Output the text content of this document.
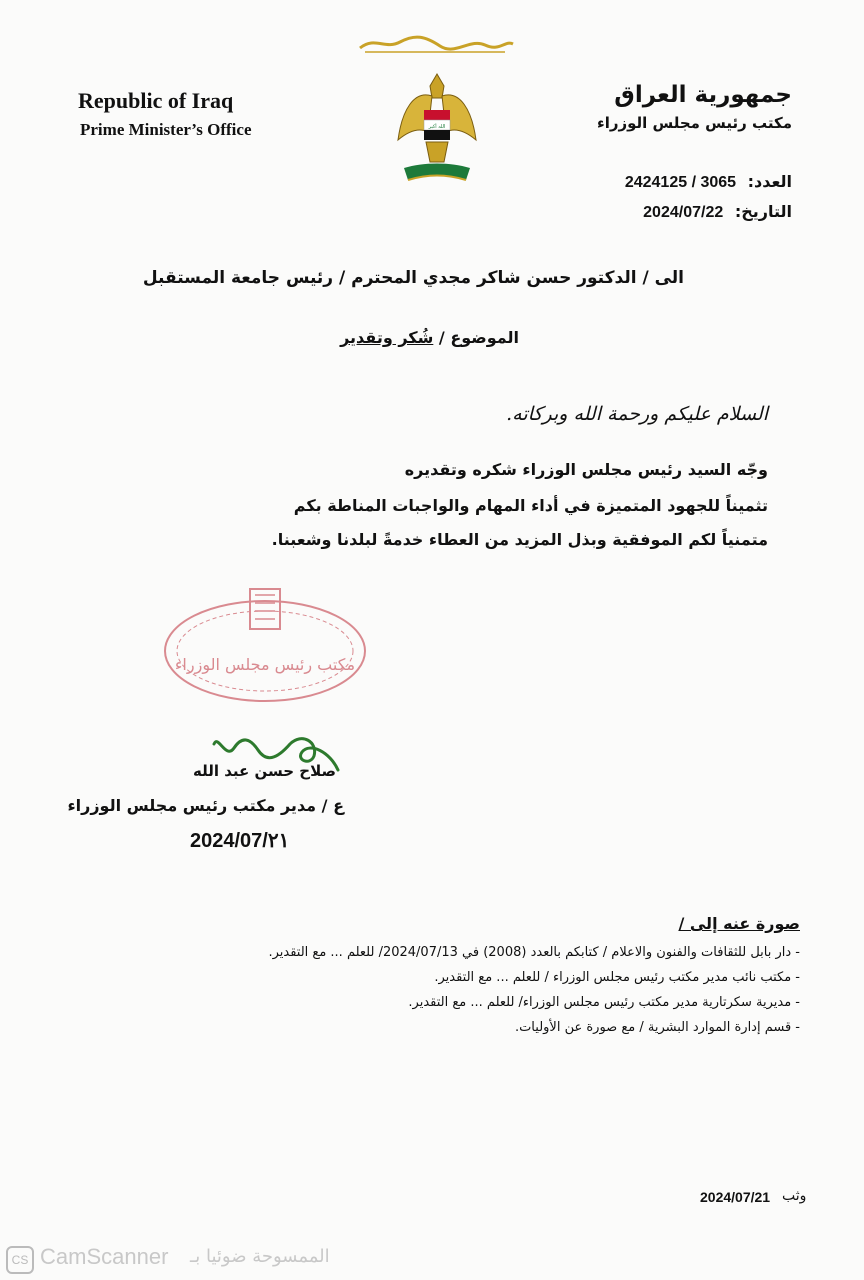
Republic of Iraq
Prime Minister’s Office	الله أكبر
جمهورية العراق
مكتب رئيس مجلس الوزراء
العدد: 2424125 / 3065
التاريخ: 2024/07/22
الى / الدكتور حسن شاكر مجدي المحترم / رئيس جامعة المستقبل
الموضوع / شُكر وتقدير
السلام عليكم ورحمة الله وبركاته.
وجّه السيد رئيس مجلس الوزراء شكره وتقديره
تثميناً للجهود المتميزة في أداء المهام والواجبات المناطة بكم
متمنياً لكم الموفقية وبذل المزيد من العطاء خدمةً لبلدنا وشعبنا.
مكتب رئيس مجلس الوزراء
صلاح حسن عبد الله
ع / مدير مكتب رئيس مجلس الوزراء
2024/07/٢١
صورة عنه إلى /
- دار بابل للثقافات والفنون والاعلام / كتابكم بالعدد (2008) في 2024/07/13/ للعلم ... مع التقدير.
- مكتب نائب مدير مكتب رئيس مجلس الوزراء / للعلم ... مع التقدير.
- مديرية سكرتارية مدير مكتب رئيس مجلس الوزراء/ للعلم ... مع التقدير.
- قسم إدارة الموارد البشرية / مع صورة عن الأوليات.
2024/07/21 وثب
CS CamScanner الممسوحة ضوئيا بـ
